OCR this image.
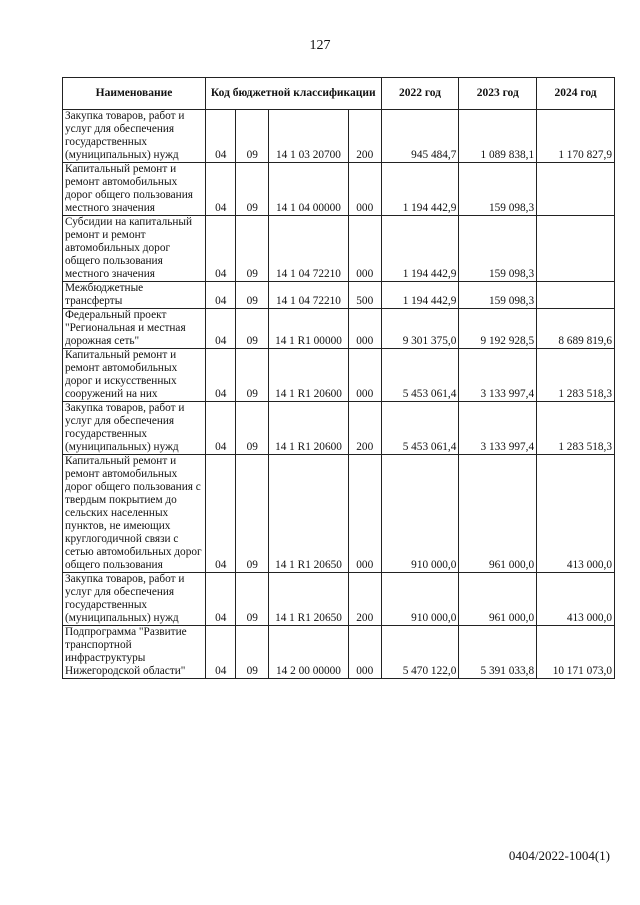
127
Наименование	Код бюджетной классификации				2022 год	2023 год	2024 год
Закупка товаров, работ и услуг для обеспечения государственных (муниципальных) нужд	04	09	14 1 03 20700	200	945 484,7	1 089 838,1	1 170 827,9
Капитальный ремонт и ремонт автомобильных дорог общего пользования местного значения	04	09	14 1 04 00000	000	1 194 442,9	159 098,3	
Субсидии на капитальный ремонт и ремонт автомобильных дорог общего пользования местного значения	04	09	14 1 04 72210	000	1 194 442,9	159 098,3	
Межбюджетные трансферты	04	09	14 1 04 72210	500	1 194 442,9	159 098,3	
Федеральный проект "Региональная и местная дорожная сеть"	04	09	14 1 R1 00000	000	9 301 375,0	9 192 928,5	8 689 819,6
Капитальный ремонт и ремонт автомобильных дорог и искусственных сооружений на них	04	09	14 1 R1 20600	000	5 453 061,4	3 133 997,4	1 283 518,3
Закупка товаров, работ и услуг для обеспечения государственных (муниципальных) нужд	04	09	14 1 R1 20600	200	5 453 061,4	3 133 997,4	1 283 518,3
Капитальный ремонт и ремонт автомобильных дорог общего пользования с твердым покрытием до сельских населенных пунктов, не имеющих круглогодичной связи с сетью автомобильных дорог общего пользования	04	09	14 1 R1 20650	000	910 000,0	961 000,0	413 000,0
Закупка товаров, работ и услуг для обеспечения государственных (муниципальных) нужд	04	09	14 1 R1 20650	200	910 000,0	961 000,0	413 000,0
Подпрограмма "Развитие транспортной инфраструктуры Нижегородской области"	04	09	14 2 00 00000	000	5 470 122,0	5 391 033,8	10 171 073,0
0404/2022-1004(1)
